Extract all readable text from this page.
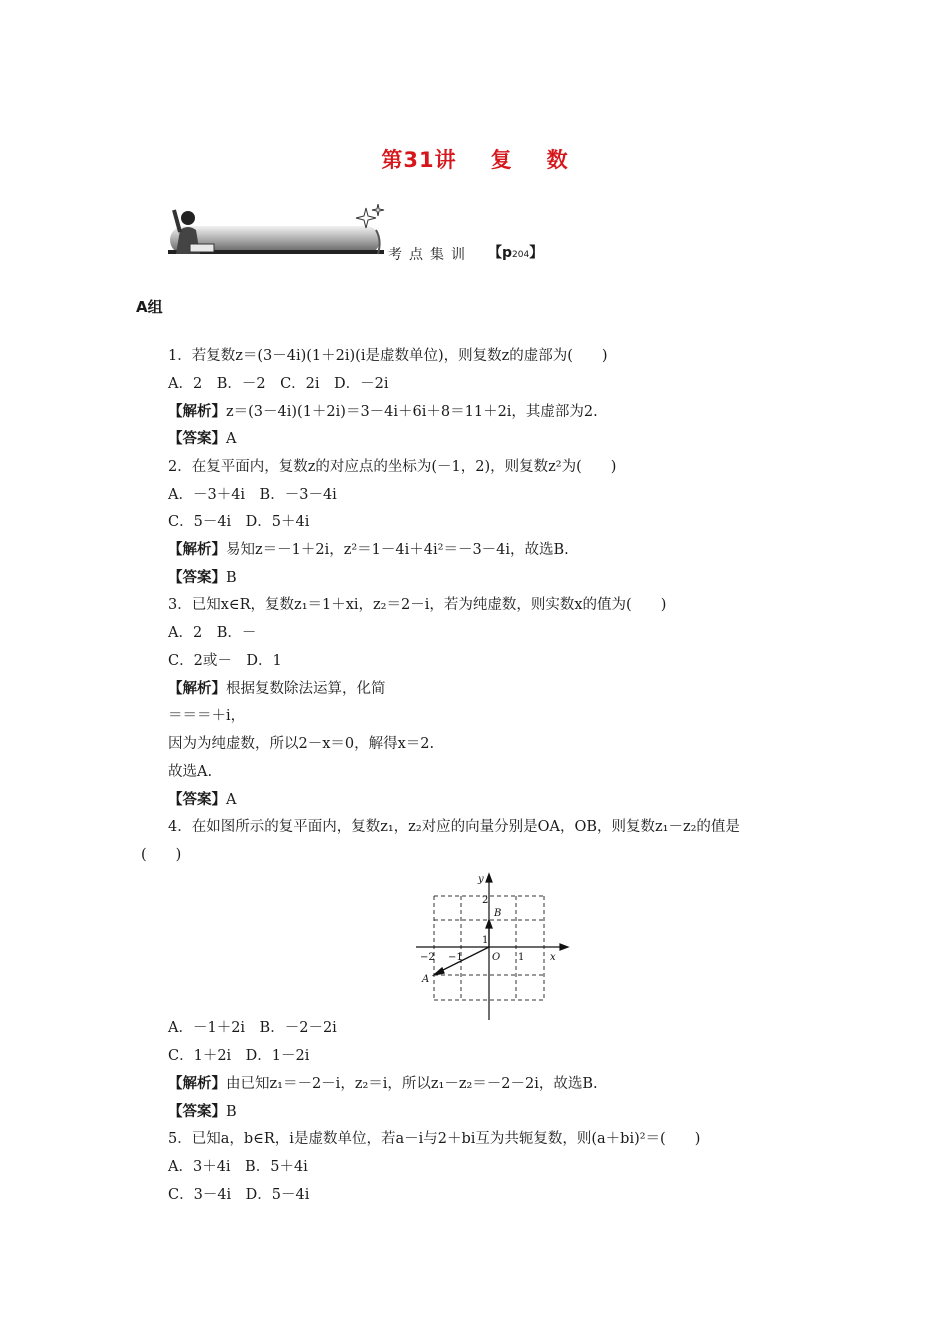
第31讲 复 数
考点集训 【p204】
A组
1．若复数z＝(3－4i)(1＋2i)(i是虚数单位)，则复数z的虚部为(　　)
A．2　B．－2　C．2i　D．－2i
【解析】z＝(3－4i)(1＋2i)＝3－4i＋6i＋8＝11＋2i，其虚部为2.
【答案】A
2．在复平面内，复数z的对应点的坐标为(－1，2)，则复数z²为(　　)
A．－3＋4i　B．－3－4i
C．5－4i　D．5＋4i
【解析】易知z＝－1＋2i，z²＝1－4i＋4i²＝－3－4i，故选B.
【答案】B
3．已知x∈R，复数z₁＝1＋xi，z₂＝2－i，若为纯虚数，则实数x的值为(　　)
A．2　B．－
C．2或－　D．1
【解析】根据复数除法运算，化简
＝＝＝＋i，
因为为纯虚数，所以2－x＝0，解得x＝2.
故选A.
【答案】A
4．在如图所示的复平面内，复数z₁，z₂对应的向量分别是OA，OB，则复数z₁－z₂的值是
(　　)
y
x
O
2
1
1
−1
−2
A
B
A．－1＋2i　B．－2－2i
C．1＋2i　D．1－2i
【解析】由已知z₁＝－2－i，z₂＝i，所以z₁－z₂＝－2－2i，故选B.
【答案】B
5．已知a，b∈R，i是虚数单位，若a－i与2＋bi互为共轭复数，则(a＋bi)²＝(　　)
A．3＋4i　B．5＋4i
C．3－4i　D．5－4i
